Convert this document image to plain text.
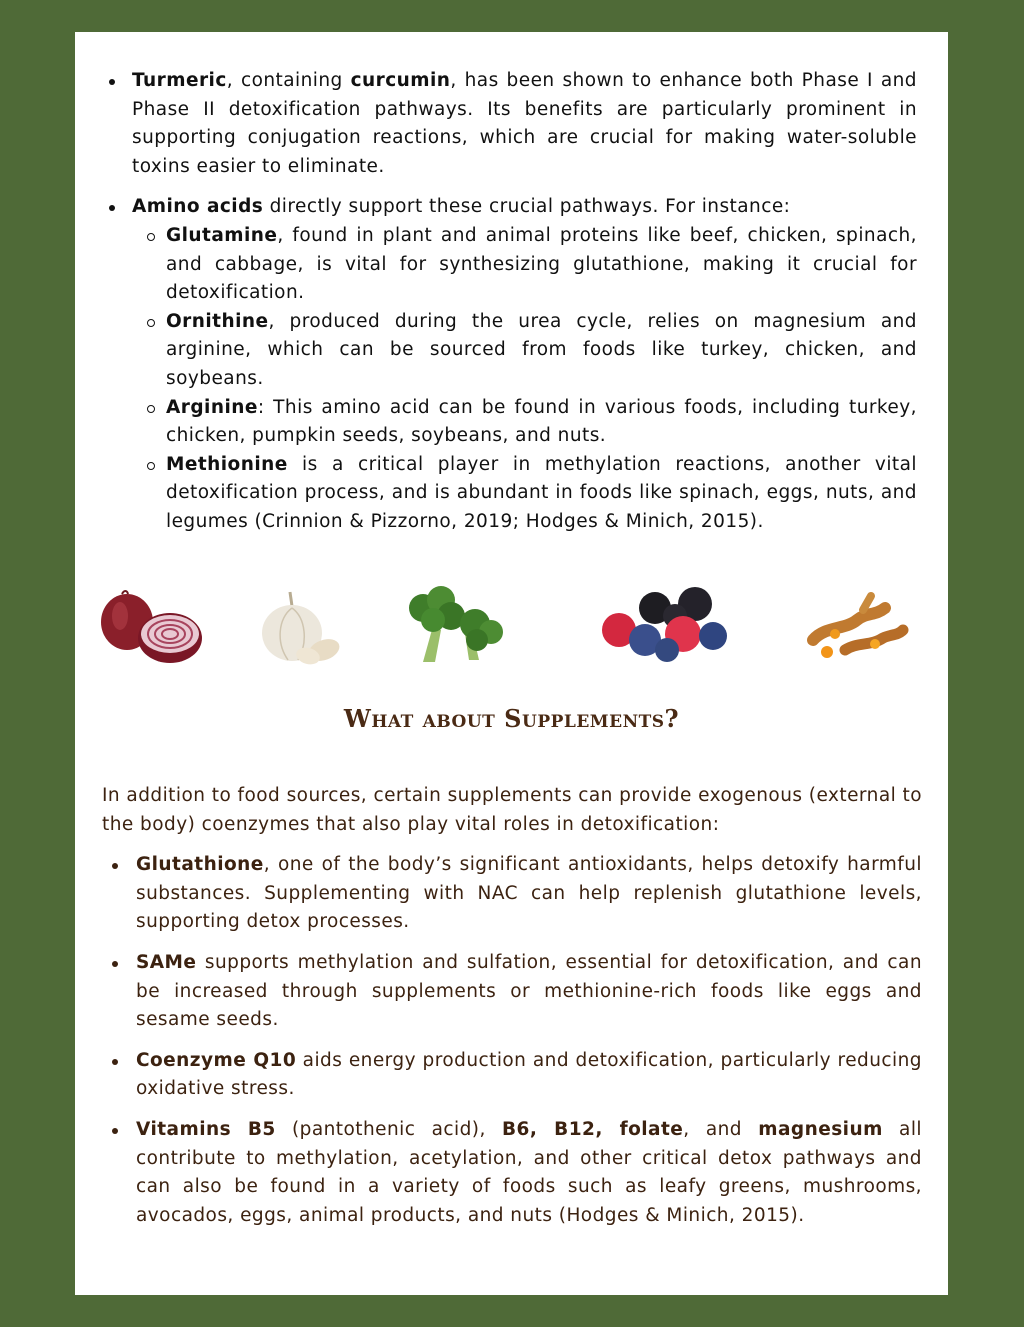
Turmeric, containing curcumin, has been shown to enhance both Phase I and Phase II detoxification pathways. Its benefits are particularly prominent in supporting conjugation reactions, which are crucial for making water-soluble toxins easier to eliminate.
Amino acids directly support these crucial pathways. For instance:
Glutamine, found in plant and animal proteins like beef, chicken, spinach, and cabbage, is vital for synthesizing glutathione, making it crucial for detoxification.
Ornithine, produced during the urea cycle, relies on magnesium and arginine, which can be sourced from foods like turkey, chicken, and soybeans.
Arginine: This amino acid can be found in various foods, including turkey, chicken, pumpkin seeds, soybeans, and nuts.
Methionine is a critical player in methylation reactions, another vital detoxification process, and is abundant in foods like spinach, eggs, nuts, and legumes (Crinnion & Pizzorno, 2019; Hodges & Minich, 2015).
What about Supplements?

In addition to food sources, certain supplements can provide exogenous (external to the body) coenzymes that also play vital roles in detoxification:

Glutathione, one of the body’s significant antioxidants, helps detoxify harmful substances. Supplementing with NAC can help replenish glutathione levels, supporting detox processes.
SAMe supports methylation and sulfation, essential for detoxification, and can be increased through supplements or methionine-rich foods like eggs and sesame seeds.
Coenzyme Q10 aids energy production and detoxification, particularly reducing oxidative stress.
Vitamins B5 (pantothenic acid), B6, B12, folate, and magnesium all contribute to methylation, acetylation, and other critical detox pathways and can also be found in a variety of foods such as leafy greens, mushrooms, avocados, eggs, animal products, and nuts (Hodges & Minich, 2015).
